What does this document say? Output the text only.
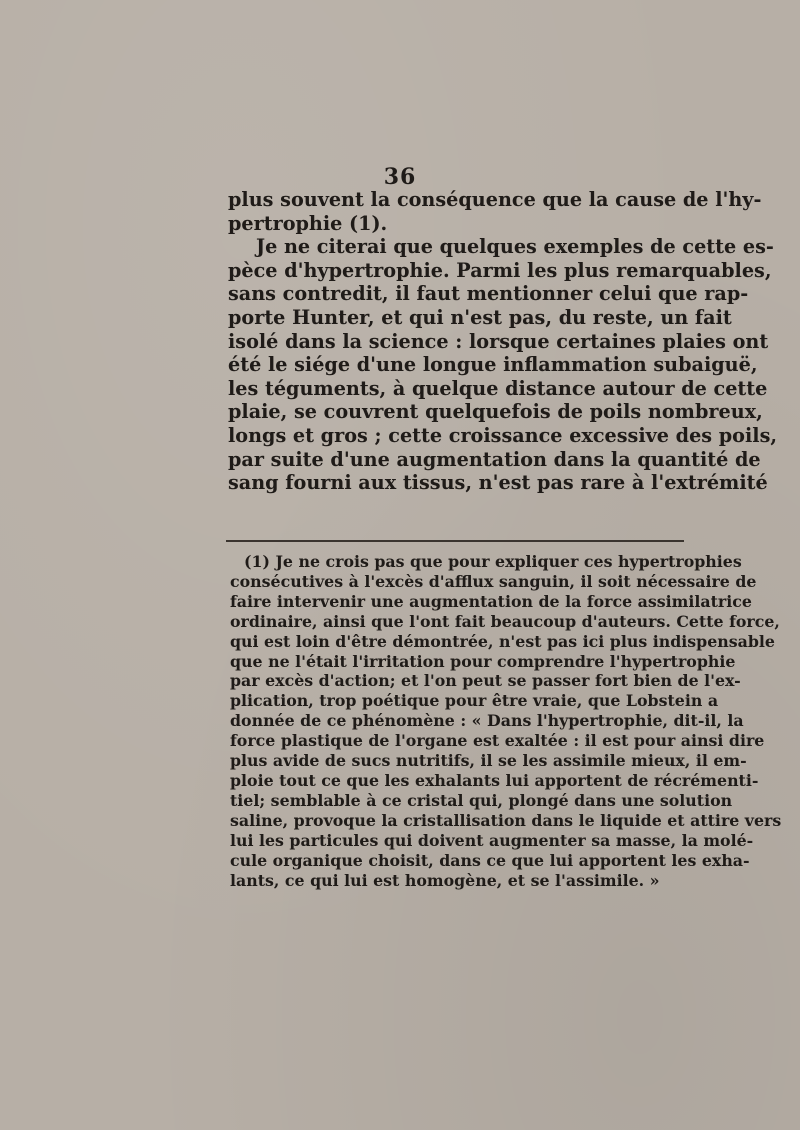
36
plus souvent la conséquence que la cause de l'hy-
pertrophie (1).
Je ne citerai que quelques exemples de cette es-
pèce d'hypertrophie. Parmi les plus remarquables,
sans contredit, il faut mentionner celui que rap-
porte Hunter, et qui n'est pas, du reste, un fait
isolé dans la science : lorsque certaines plaies ont
été le siége d'une longue inflammation subaiguë,
les téguments, à quelque distance autour de cette
plaie, se couvrent quelquefois de poils nombreux,
longs et gros ; cette croissance excessive des poils,
par suite d'une augmentation dans la quantité de
sang fourni aux tissus, n'est pas rare à l'extrémité
(1) Je ne crois pas que pour expliquer ces hypertrophies
consécutives à l'excès d'afflux sanguin, il soit nécessaire de
faire intervenir une augmentation de la force assimilatrice
ordinaire, ainsi que l'ont fait beaucoup d'auteurs. Cette force,
qui est loin d'être démontrée, n'est pas ici plus indispensable
que ne l'était l'irritation pour comprendre l'hypertrophie
par excès d'action; et l'on peut se passer fort bien de l'ex-
plication, trop poétique pour être vraie, que Lobstein a
donnée de ce phénomène : « Dans l'hypertrophie, dit-il, la
force plastique de l'organe est exaltée : il est pour ainsi dire
plus avide de sucs nutritifs, il se les assimile mieux, il em-
ploie tout ce que les exhalants lui apportent de récrémenti-
tiel; semblable à ce cristal qui, plongé dans une solution
saline, provoque la cristallisation dans le liquide et attire vers
lui les particules qui doivent augmenter sa masse, la molé-
cule organique choisit, dans ce que lui apportent les exha-
lants, ce qui lui est homogène, et se l'assimile. »
